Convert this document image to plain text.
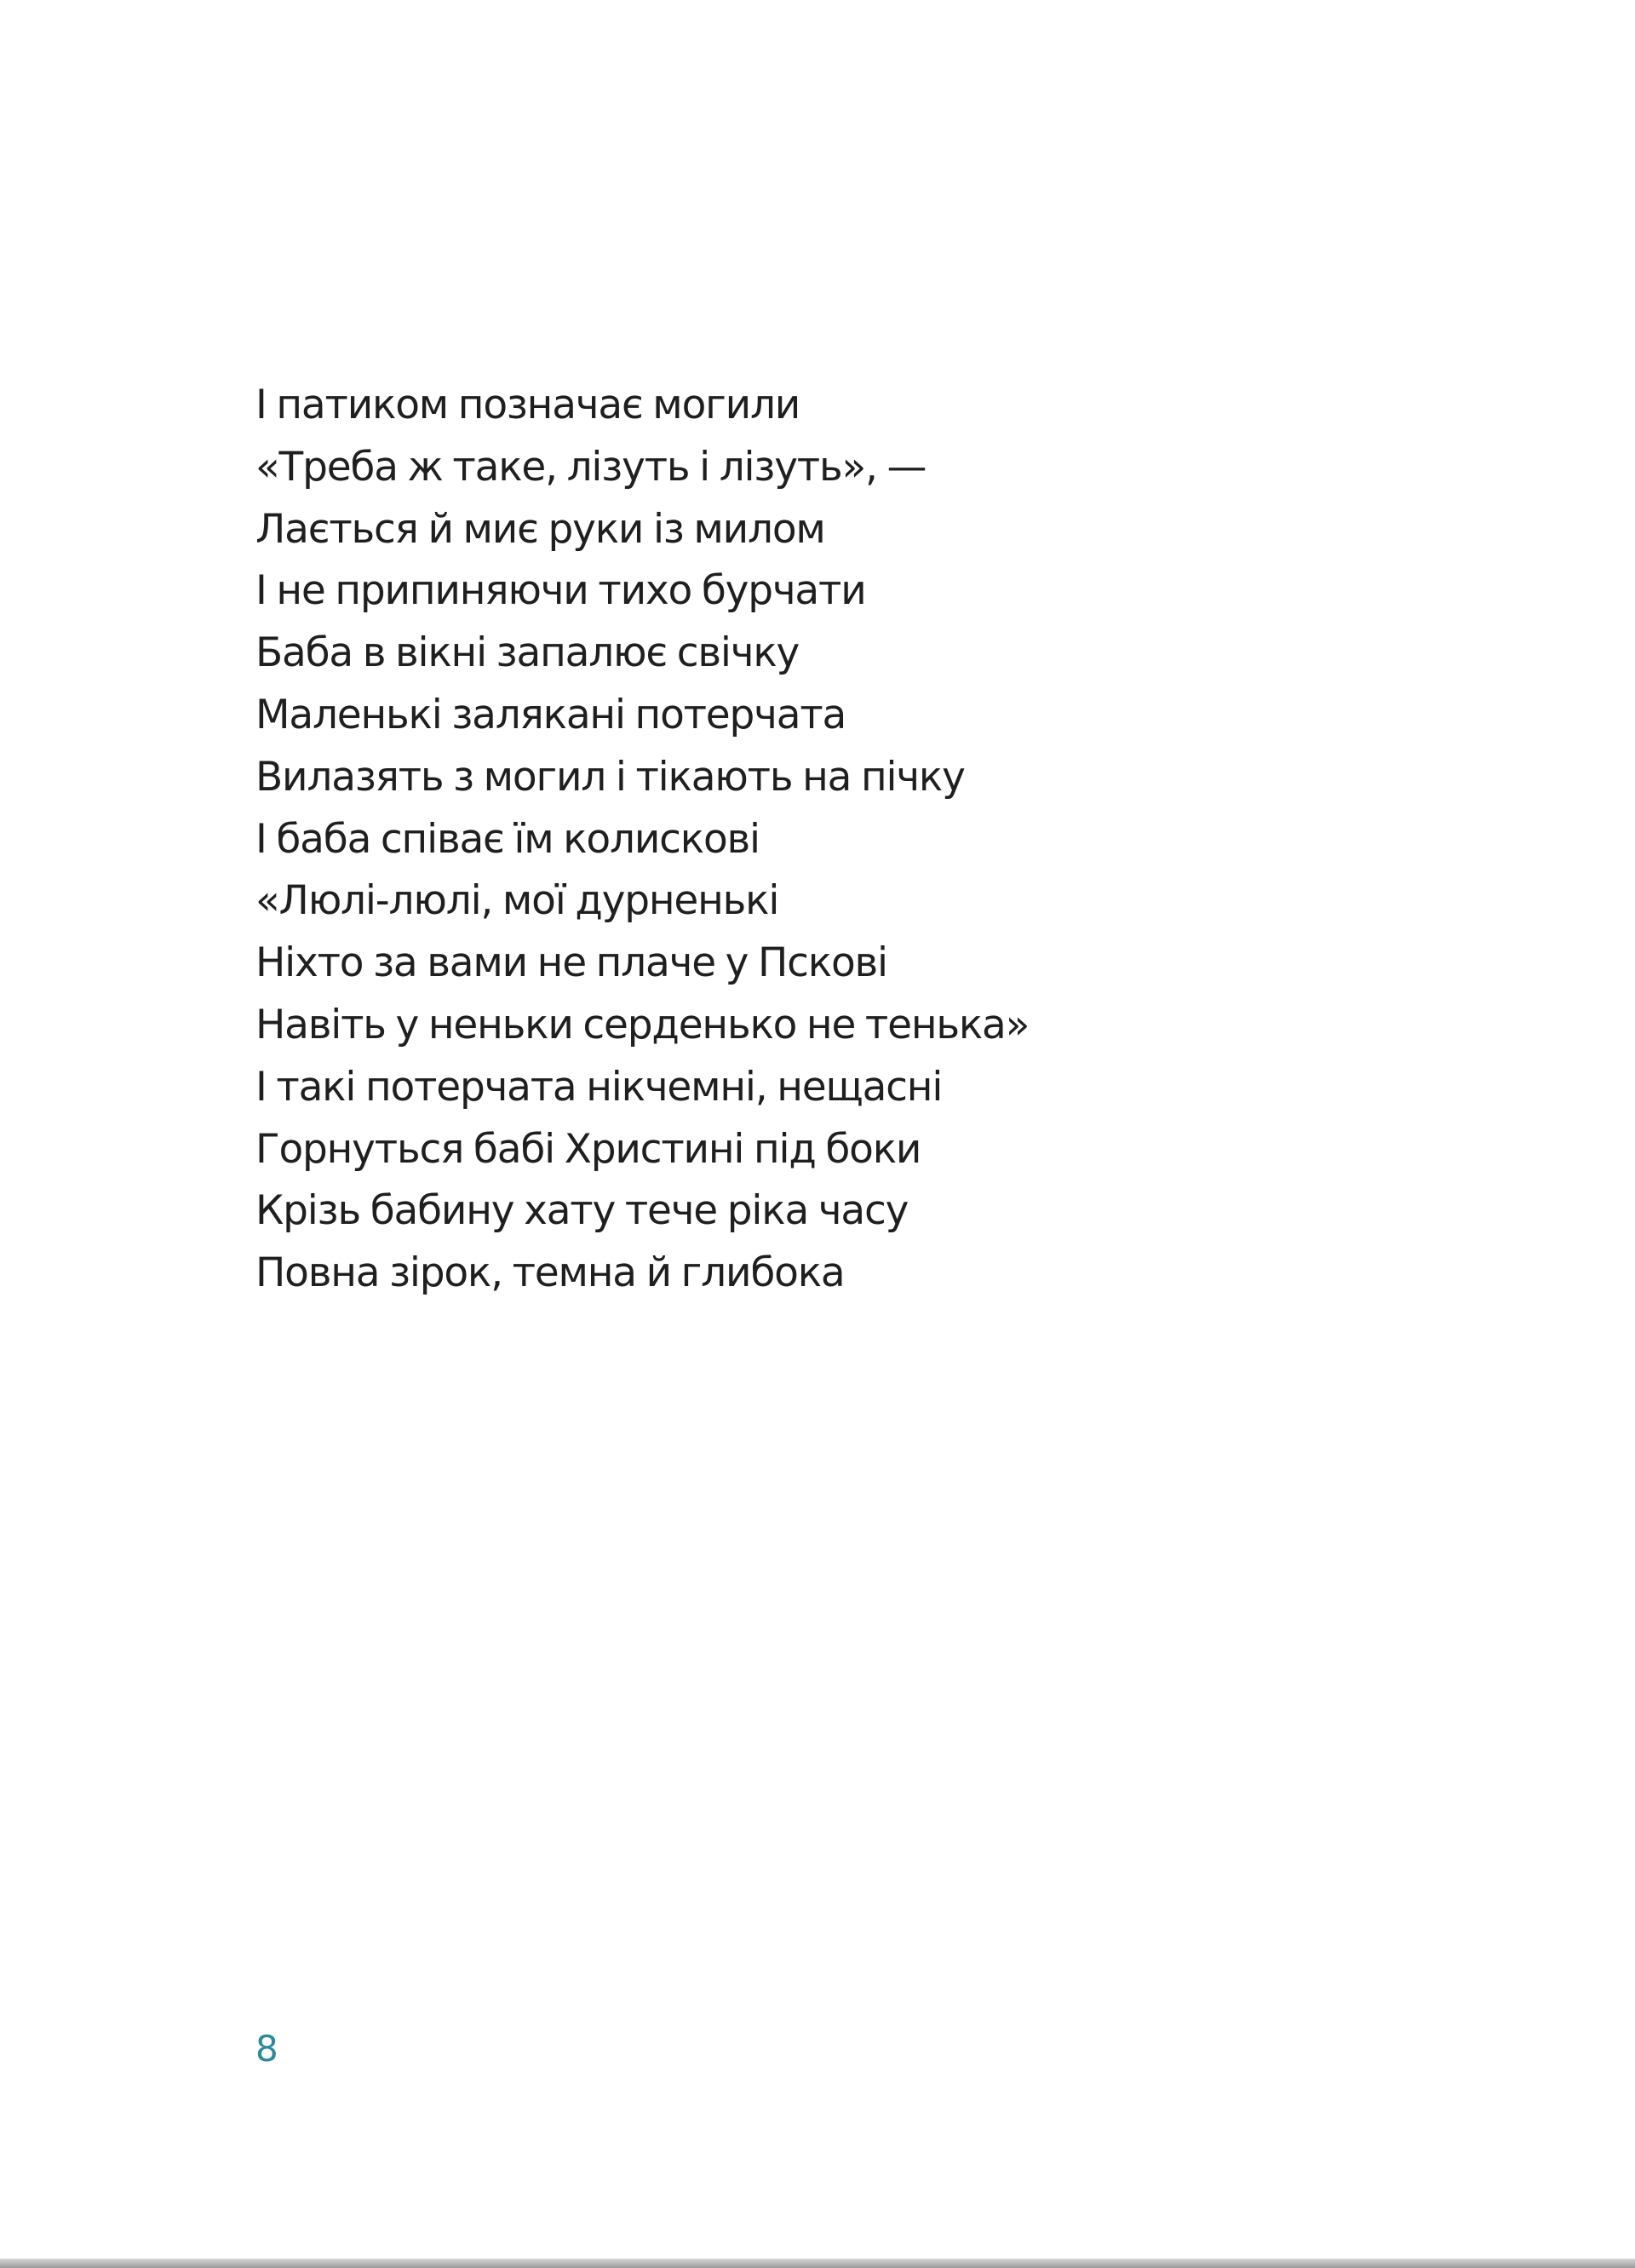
І патиком позначає могили
«Треба ж таке, лізуть і лізуть», —
Лається й миє руки із милом
І не припиняючи тихо бурчати
Баба в вікні запалює свічку
Маленькі залякані потерчата
Вилазять з могил і тікають на пічку
І баба співає їм колискові
«Люлі-люлі, мої дурненькі
Ніхто за вами не плаче у Пскові
Навіть у неньки серденько не тенька»
І такі потерчата нікчемні, нещасні
Горнуться бабі Христині під боки
Крізь бабину хату тече ріка часу
Повна зірок, темна й глибока
8
